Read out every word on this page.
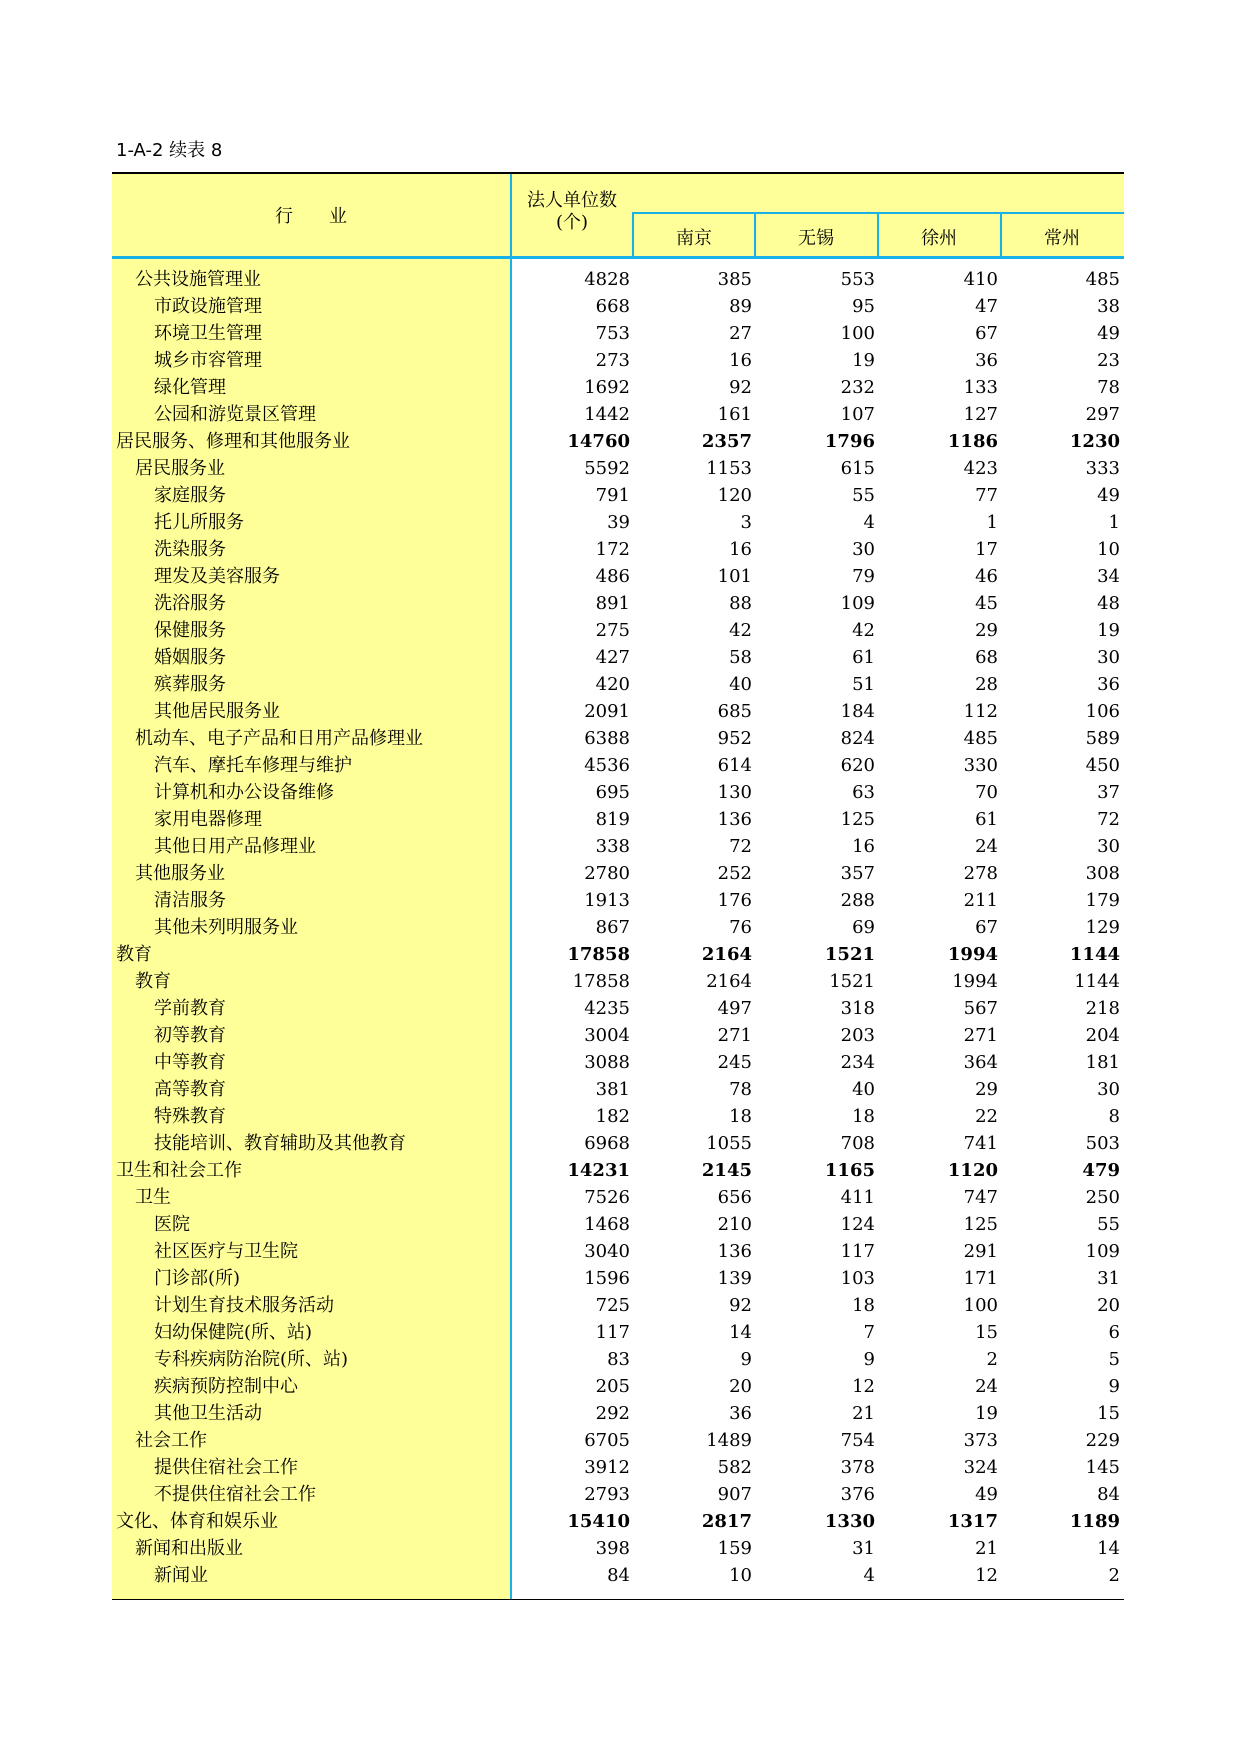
1-A-2 续表 8
行　　业
法人单位数
(个)
南京	无锡	徐州	常州
公共设施管理业	4828	385	553	410	485
市政设施管理	668	89	95	47	38
环境卫生管理	753	27	100	67	49
城乡市容管理	273	16	19	36	23
绿化管理	1692	92	232	133	78
公园和游览景区管理	1442	161	107	127	297
居民服务、修理和其他服务业	14760	2357	1796	1186	1230
居民服务业	5592	1153	615	423	333
家庭服务	791	120	55	77	49
托儿所服务	39	3	4	1	1
洗染服务	172	16	30	17	10
理发及美容服务	486	101	79	46	34
洗浴服务	891	88	109	45	48
保健服务	275	42	42	29	19
婚姻服务	427	58	61	68	30
殡葬服务	420	40	51	28	36
其他居民服务业	2091	685	184	112	106
机动车、电子产品和日用产品修理业	6388	952	824	485	589
汽车、摩托车修理与维护	4536	614	620	330	450
计算机和办公设备维修	695	130	63	70	37
家用电器修理	819	136	125	61	72
其他日用产品修理业	338	72	16	24	30
其他服务业	2780	252	357	278	308
清洁服务	1913	176	288	211	179
其他未列明服务业	867	76	69	67	129
教育	17858	2164	1521	1994	1144
教育	17858	2164	1521	1994	1144
学前教育	4235	497	318	567	218
初等教育	3004	271	203	271	204
中等教育	3088	245	234	364	181
高等教育	381	78	40	29	30
特殊教育	182	18	18	22	8
技能培训、教育辅助及其他教育	6968	1055	708	741	503
卫生和社会工作	14231	2145	1165	1120	479
卫生	7526	656	411	747	250
医院	1468	210	124	125	55
社区医疗与卫生院	3040	136	117	291	109
门诊部(所)	1596	139	103	171	31
计划生育技术服务活动	725	92	18	100	20
妇幼保健院(所、站)	117	14	7	15	6
专科疾病防治院(所、站)	83	9	9	2	5
疾病预防控制中心	205	20	12	24	9
其他卫生活动	292	36	21	19	15
社会工作	6705	1489	754	373	229
提供住宿社会工作	3912	582	378	324	145
不提供住宿社会工作	2793	907	376	49	84
文化、体育和娱乐业	15410	2817	1330	1317	1189
新闻和出版业	398	159	31	21	14
新闻业	84	10	4	12	2
